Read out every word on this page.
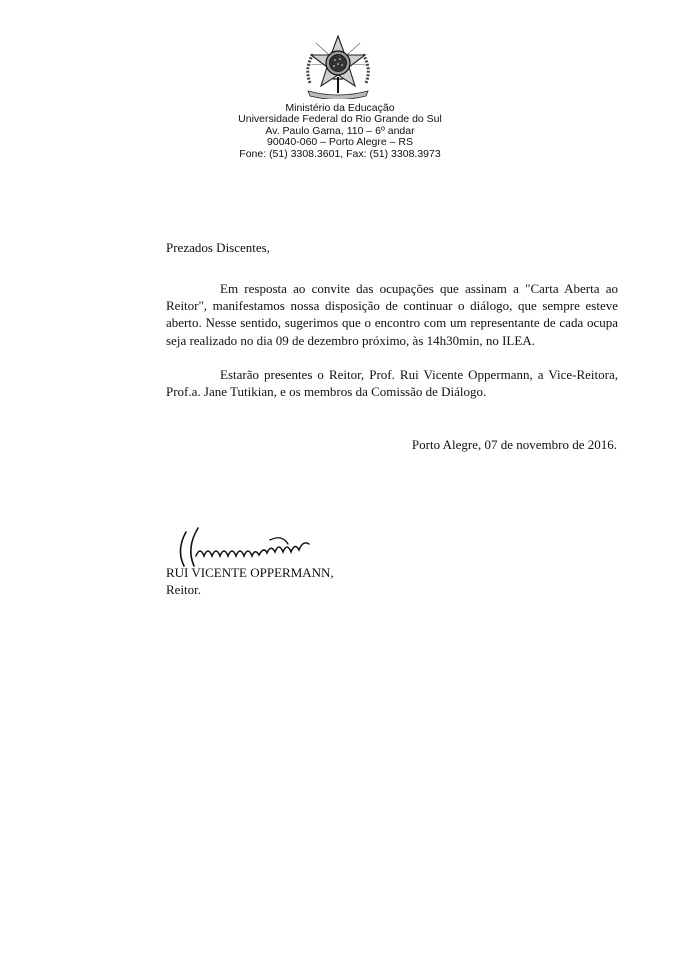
Ministério da Educação
Universidade Federal do Rio Grande do Sul
Av. Paulo Gama, 110 – 6º andar
90040-060 – Porto Alegre – RS
Fone: (51) 3308.3601, Fax: (51) 3308.3973
Prezados Discentes,

Em resposta ao convite das ocupações que assinam a "Carta Aberta ao Reitor", manifestamos nossa disposição de continuar o diálogo, que sempre esteve aberto. Nesse sentido, sugerimos que o encontro com um representante de cada ocupa seja realizado no dia 09 de dezembro próximo, às 14h30min, no ILEA.

Estarão presentes o Reitor, Prof. Rui Vicente Oppermann, a Vice-Reitora, Prof.a. Jane Tutikian, e os membros da Comissão de Diálogo.

Porto Alegre, 07 de novembro de 2016.
RUI VICENTE OPPERMANN,
Reitor.
